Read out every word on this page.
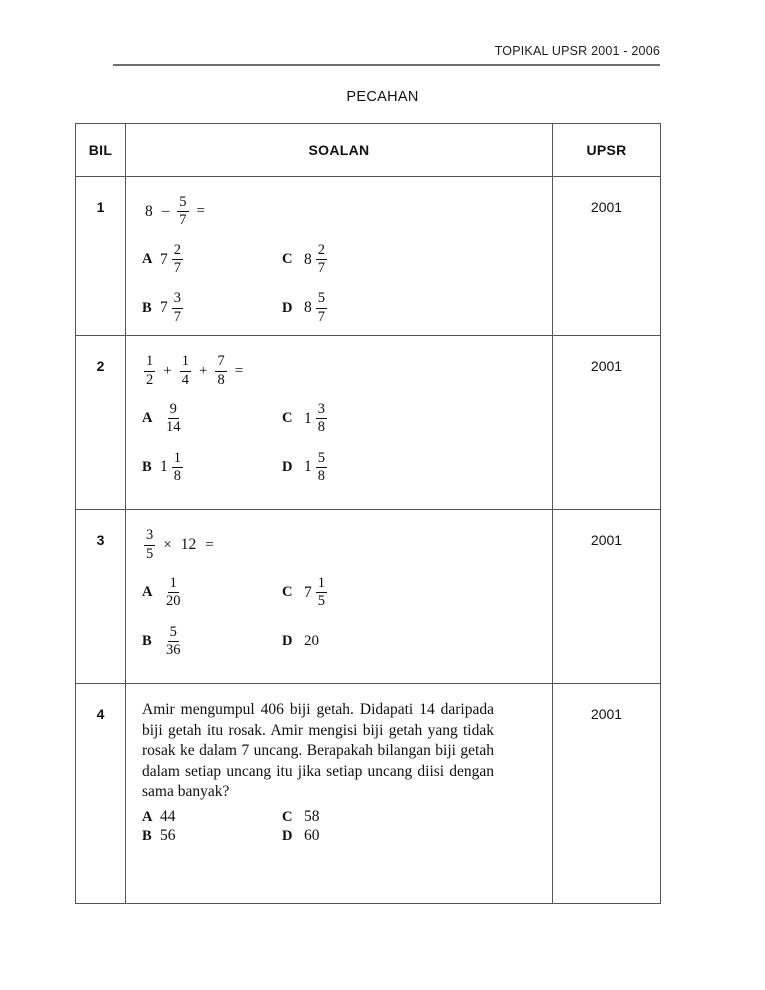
TOPIKAL UPSR 2001 - 2006
PECAHAN
BIL	SOALAN	UPSR

1	$8 - \frac{5}{7}$ =
A $7 \frac{2}{7}$	C $8 \frac{2}{7}$
B $7 \frac{3}{7}$	D $8 \frac{5}{7}$

2001

2	$\frac{1}{2} + \frac{1}{4} + \frac{7}{8}$ =
A $\frac{9}{14}$	C $1 \frac{3}{8}$
B $1 \frac{1}{8}$	D $1 \frac{5}{8}$

2001

3	$\frac{3}{5} \times 12$ =
A $\frac{1}{20}$	C $7 \frac{1}{5}$
B $\frac{5}{36}$	D 20

2001

4	Amir mengumpul 406 biji getah. Didapati 14 daripada biji getah itu rosak. Amir mengisi biji getah yang tidak rosak ke dalam 7 uncang. Berapakah bilangan biji getah dalam setiap uncang itu jika setiap uncang diisi dengan sama banyak?

A 44	C 58
B 56	D 60

2001
